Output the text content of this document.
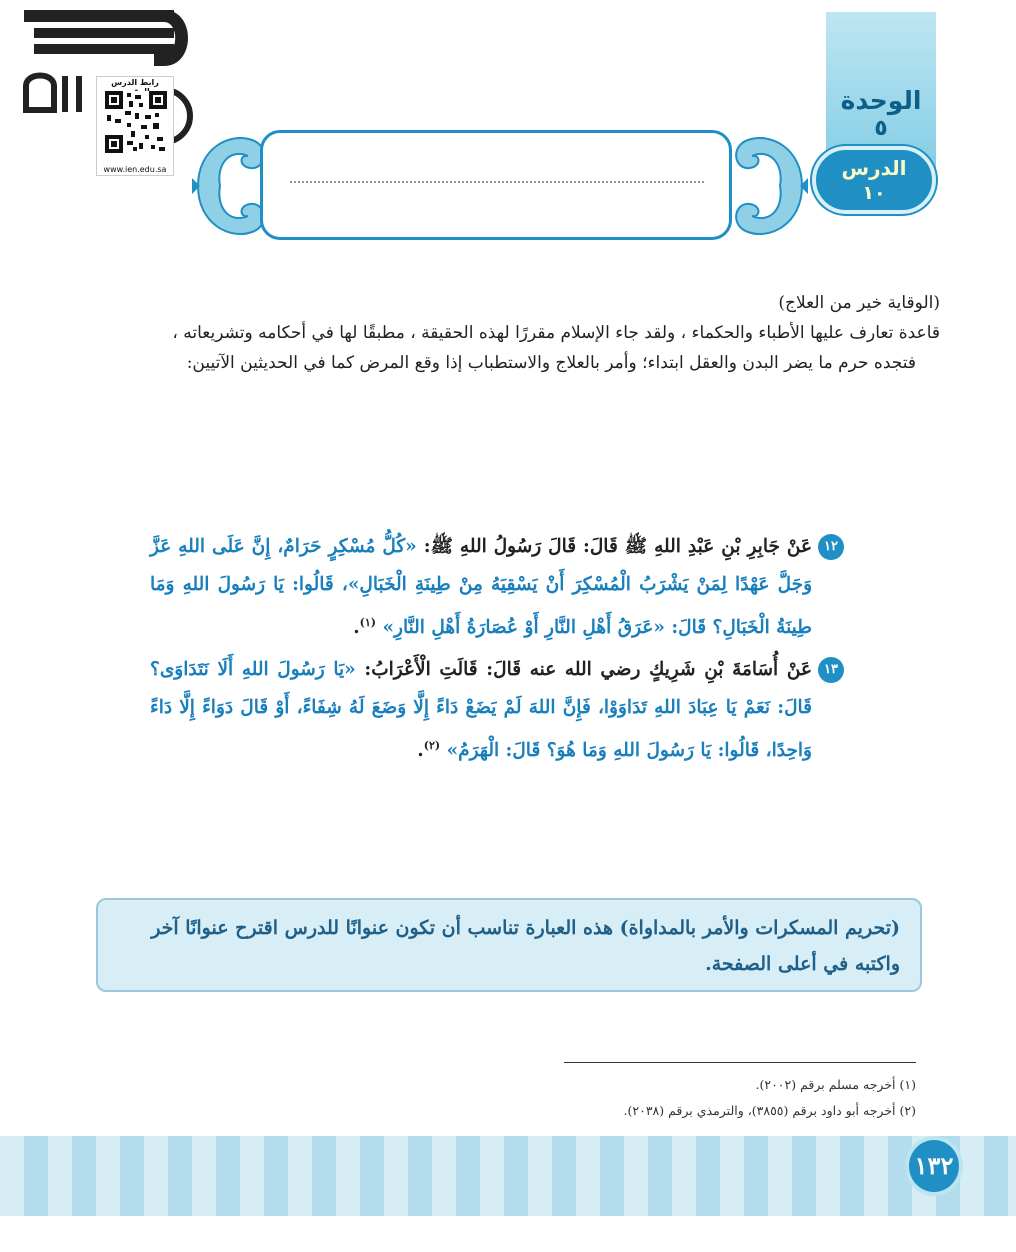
الوحدة
٥
الدرس
١٠
رابط الدرس
www.ien.edu.sa
(الوقاية خير من العلاج)
قاعدة تعارف عليها الأطباء والحكماء ، ولقد جاء الإسلام مقررًا لهذه الحقيقة ، مطبقًا لها في أحكامه وتشريعاته ،
فتجده حرم ما يضر البدن والعقل ابتداء؛ وأمر بالعلاج والاستطباب إذا وقع المرض كما في الحديثين الآتيين:
١٢
عَنْ جَابِرِ بْنِ عَبْدِ اللهِ ﷺ قَالَ: قَالَ رَسُولُ اللهِ ﷺ: «كُلُّ مُسْكِرٍ حَرَامٌ، إِنَّ عَلَى اللهِ عَزَّ وَجَلَّ عَهْدًا لِمَنْ يَشْرَبُ الْمُسْكِرَ أَنْ يَسْقِيَهُ مِنْ طِينَةِ الْخَبَالِ»، قَالُوا: يَا رَسُولَ اللهِ وَمَا طِينَةُ الْخَبَالِ؟ قَالَ: «عَرَقُ أَهْلِ النَّارِ أَوْ عُصَارَةُ أَهْلِ النَّارِ» $^{(١)}$.
١٣
عَنْ أُسَامَةَ بْنِ شَرِيكٍ رضي الله عنه قَالَ: قَالَتِ الْأَعْرَابُ: «يَا رَسُولَ اللهِ أَلَا نَتَدَاوَى؟ قَالَ: نَعَمْ يَا عِبَادَ اللهِ تَدَاوَوْا، فَإِنَّ اللهَ لَمْ يَضَعْ دَاءً إِلَّا وَضَعَ لَهُ شِفَاءً، أَوْ قَالَ دَوَاءً إِلَّا دَاءً وَاحِدًا، قَالُوا: يَا رَسُولَ اللهِ وَمَا هُوَ؟ قَالَ: الْهَرَمُ» $^{(٢)}$.
(تحريم المسكرات والأمر بالمداواة) هذه العبارة تناسب أن تكون عنوانًا للدرس اقترح عنوانًا آخر واكتبه في أعلى الصفحة.
(١) أخرجه مسلم برقم (٢٠٠٢).
(٢) أخرجه أبو داود برقم (٣٨٥٥)، والترمذي برقم (٢٠٣٨).
١٣٢
